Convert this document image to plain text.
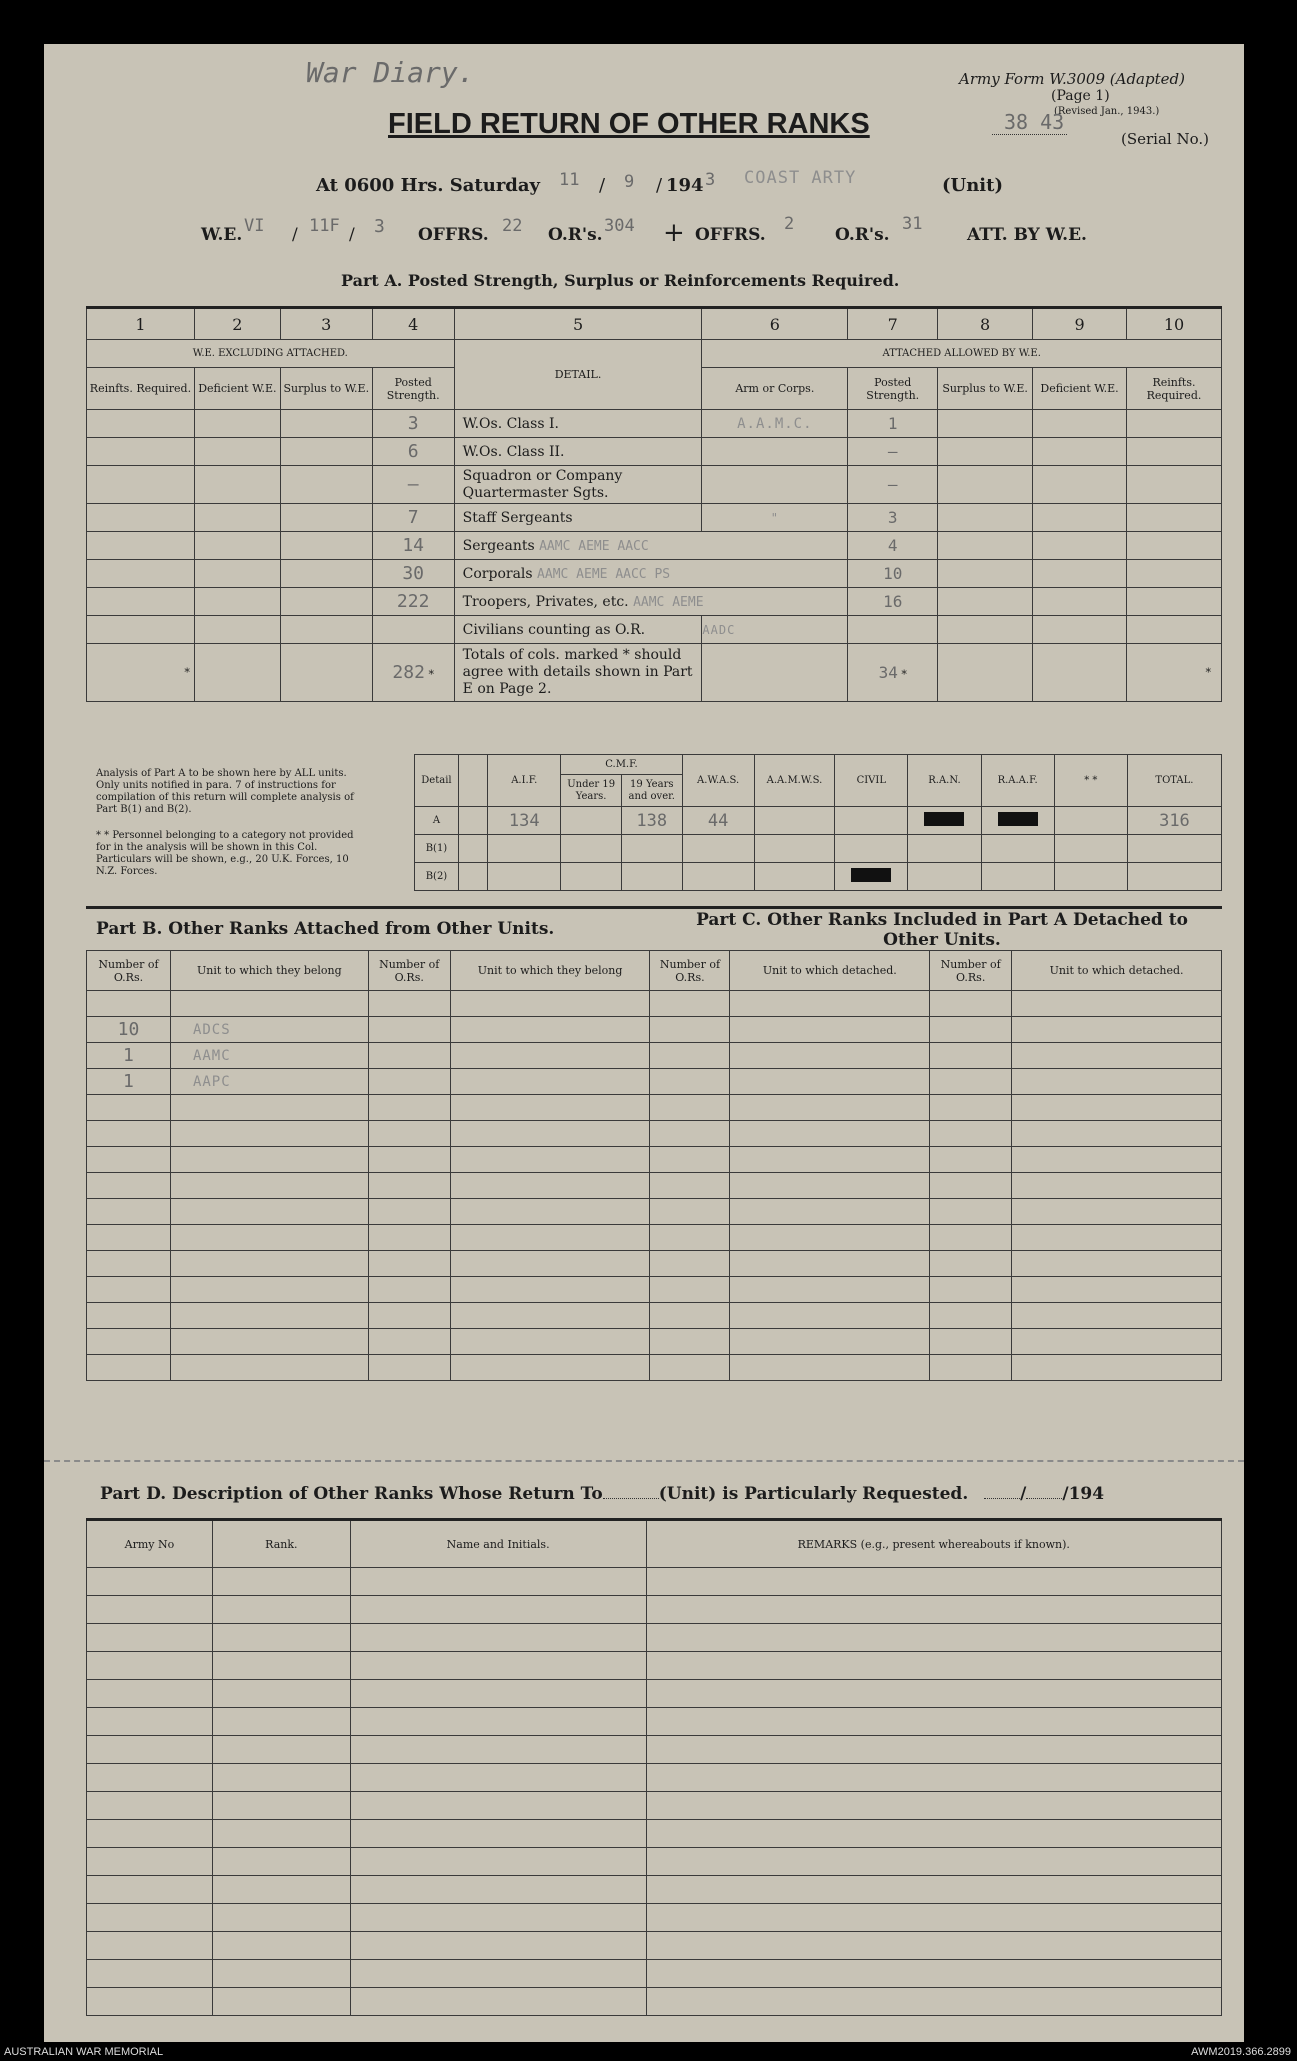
War Diary.	Army Form W.3009 (Adapted)
(Page 1)
(Revised Jan., 1943.)
38 43
(Serial No.)
FIELD RETURN OF OTHER RANKS
At 0600 Hrs. Saturday 11 / 9 / 194 3 COAST ARTY	(Unit)
W.E. VI / 11F / 3 OFFRS. 22 O.R's. 304 + OFFRS.
2
O.R's.
31
ATT. BY W.E.
Part A. Posted Strength, Surplus or Reinforcements Required.
1	2	3	4	5	6	7	8	9	10
W.E. EXCLUDING ATTACHED.				DETAIL.	ATTACHED ALLOWED BY W.E.				
Reinfts. Required.	Deficient W.E.	Surplus to W.E.	Posted Strength.		Arm or Corps.	Posted Strength.	Surplus to W.E.	Deficient W.E.	Reinfts. Required.
			3	W.Os. Class I.	A.A.M.C.	1			
			6	W.Os. Class II.		–			
			–	Squadron or Company Quartermaster Sgts.		–			
			7	Staff Sergeants	"	3			
			14	Sergeants AAMC AEME AACC		4			
			30	Corporals AAMC AEME AACC PS		10			
			222	Troopers, Privates, etc. AAMC AEME		16			
				Civilians counting as O.R.	AADC				
*			282 *	Totals of cols. marked * should agree with details shown in Part E on Page 2.		34 *			*
Analysis of Part A to be shown here by ALL units. Only units notified in para. 7 of instructions for compilation of this return will complete analysis of Part B(1) and B(2).
* * Personnel belonging to a category not provided for in the analysis will be shown in this Col. Particulars will be shown, e.g., 20 U.K. Forces, 10 N.Z. Forces.
Detail		A.I.F.	C.M.F.		A.W.A.S.	A.A.M.W.S.	CIVIL	R.A.N.	R.A.A.F.	* *	TOTAL.
			Under 19 Years.	19 Years and over.							
A		134		138	44						316
B(1)											
B(2)											
Part B. Other Ranks Attached from Other Units.	Part C. Other Ranks Included in Part A Detached to Other Units.
Number of O.Rs.	Unit to which they belong	Number of O.Rs.	Unit to which they belong	Number of O.Rs.	Unit to which detached.	Number of O.Rs.	Unit to which detached.

10	ADCS						
1	AAMC						
1	AAPC						

Part D. Description of Other Ranks Whose Return To	(Unit) is Particularly Requested.	/ /194
Army No	Rank.	Name and Initials.	REMARKS (e.g., present whereabouts if known).

AUSTRALIAN WAR MEMORIAL	AWM2019.366.2899
